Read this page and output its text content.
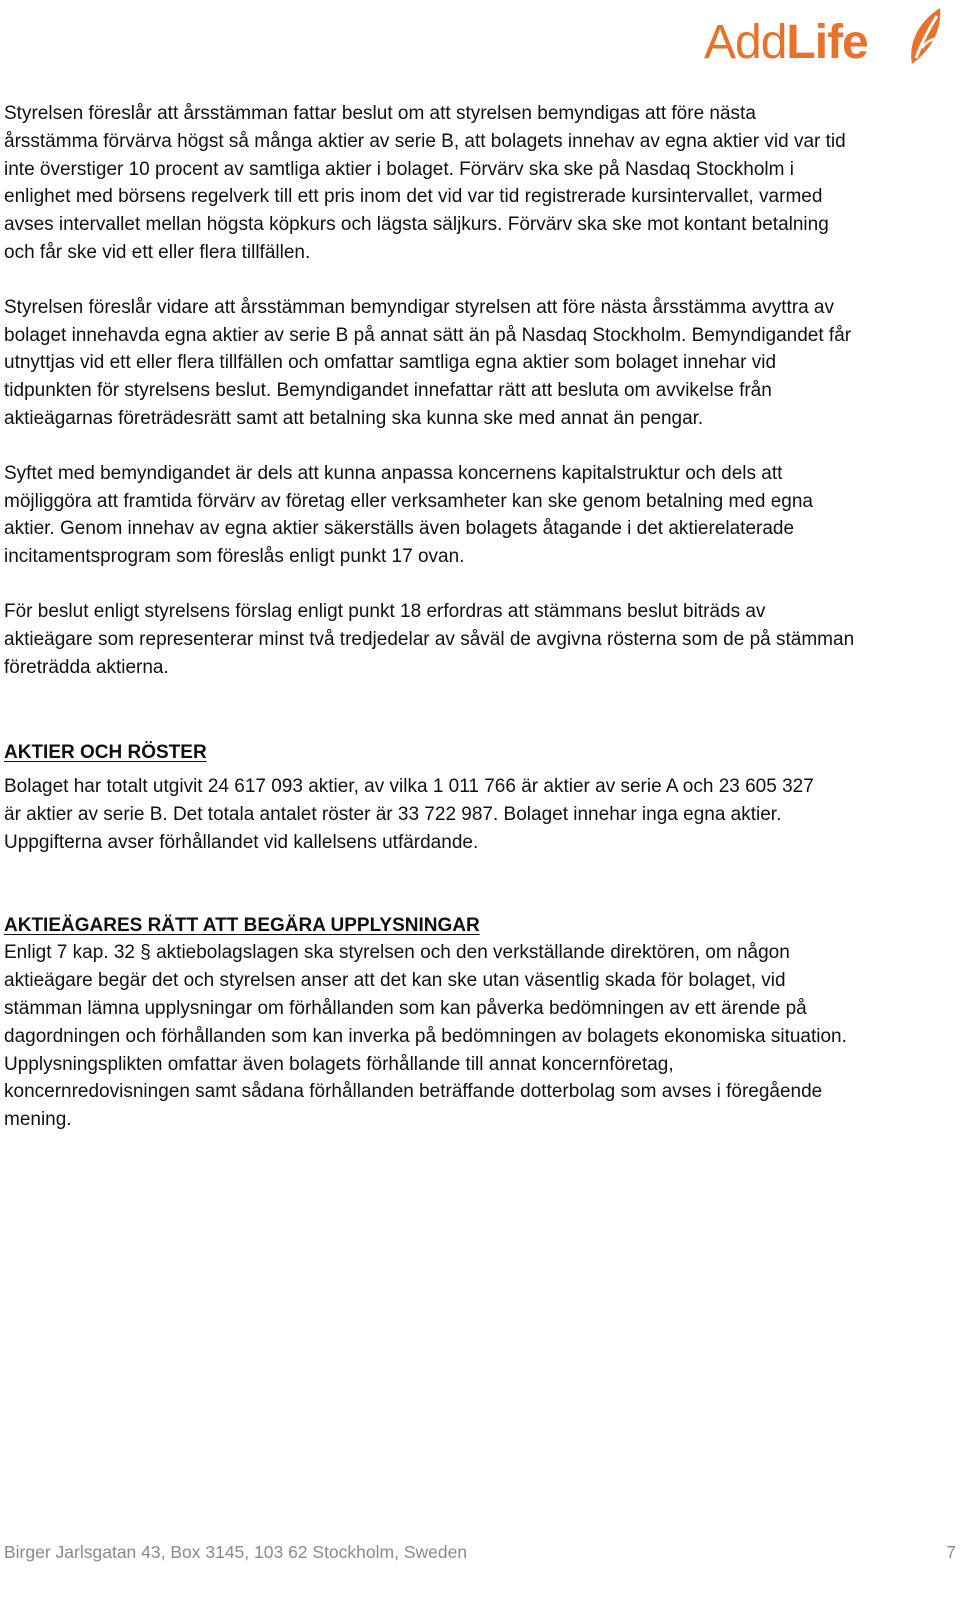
AddLife

Styrelsen föreslår att årsstämman fattar beslut om att styrelsen bemyndigas att före nästa
årsstämma förvärva högst så många aktier av serie B, att bolagets innehav av egna aktier vid var tid
inte överstiger 10 procent av samtliga aktier i bolaget. Förvärv ska ske på Nasdaq Stockholm i
enlighet med börsens regelverk till ett pris inom det vid var tid registrerade kursintervallet, varmed
avses intervallet mellan högsta köpkurs och lägsta säljkurs. Förvärv ska ske mot kontant betalning
och får ske vid ett eller flera tillfällen.

Styrelsen föreslår vidare att årsstämman bemyndigar styrelsen att före nästa årsstämma avyttra av
bolaget innehavda egna aktier av serie B på annat sätt än på Nasdaq Stockholm. Bemyndigandet får
utnyttjas vid ett eller flera tillfällen och omfattar samtliga egna aktier som bolaget innehar vid
tidpunkten för styrelsens beslut. Bemyndigandet innefattar rätt att besluta om avvikelse från
aktieägarnas företrädesrätt samt att betalning ska kunna ske med annat än pengar.

Syftet med bemyndigandet är dels att kunna anpassa koncernens kapitalstruktur och dels att
möjliggöra att framtida förvärv av företag eller verksamheter kan ske genom betalning med egna
aktier. Genom innehav av egna aktier säkerställs även bolagets åtagande i det aktierelaterade
incitamentsprogram som föreslås enligt punkt 17 ovan.

För beslut enligt styrelsens förslag enligt punkt 18 erfordras att stämmans beslut biträds av
aktieägare som representerar minst två tredjedelar av såväl de avgivna rösterna som de på stämman
företrädda aktierna.

AKTIER OCH RÖSTER

Bolaget har totalt utgivit 24 617 093 aktier, av vilka 1 011 766 är aktier av serie A och 23 605 327
är aktier av serie B. Det totala antalet röster är 33 722 987. Bolaget innehar inga egna aktier.
Uppgifterna avser förhållandet vid kallelsens utfärdande.

AKTIEÄGARES RÄTT ATT BEGÄRA UPPLYSNINGAR

Enligt 7 kap. 32 § aktiebolagslagen ska styrelsen och den verkställande direktören, om någon
aktieägare begär det och styrelsen anser att det kan ske utan väsentlig skada för bolaget, vid
stämman lämna upplysningar om förhållanden som kan påverka bedömningen av ett ärende på
dagordningen och förhållanden som kan inverka på bedömningen av bolagets ekonomiska situation.
Upplysningsplikten omfattar även bolagets förhållande till annat koncernföretag,
koncernredovisningen samt sådana förhållanden beträffande dotterbolag som avses i föregående
mening.

Birger Jarlsgatan 43, Box 3145, 103 62 Stockholm, Sweden	7
